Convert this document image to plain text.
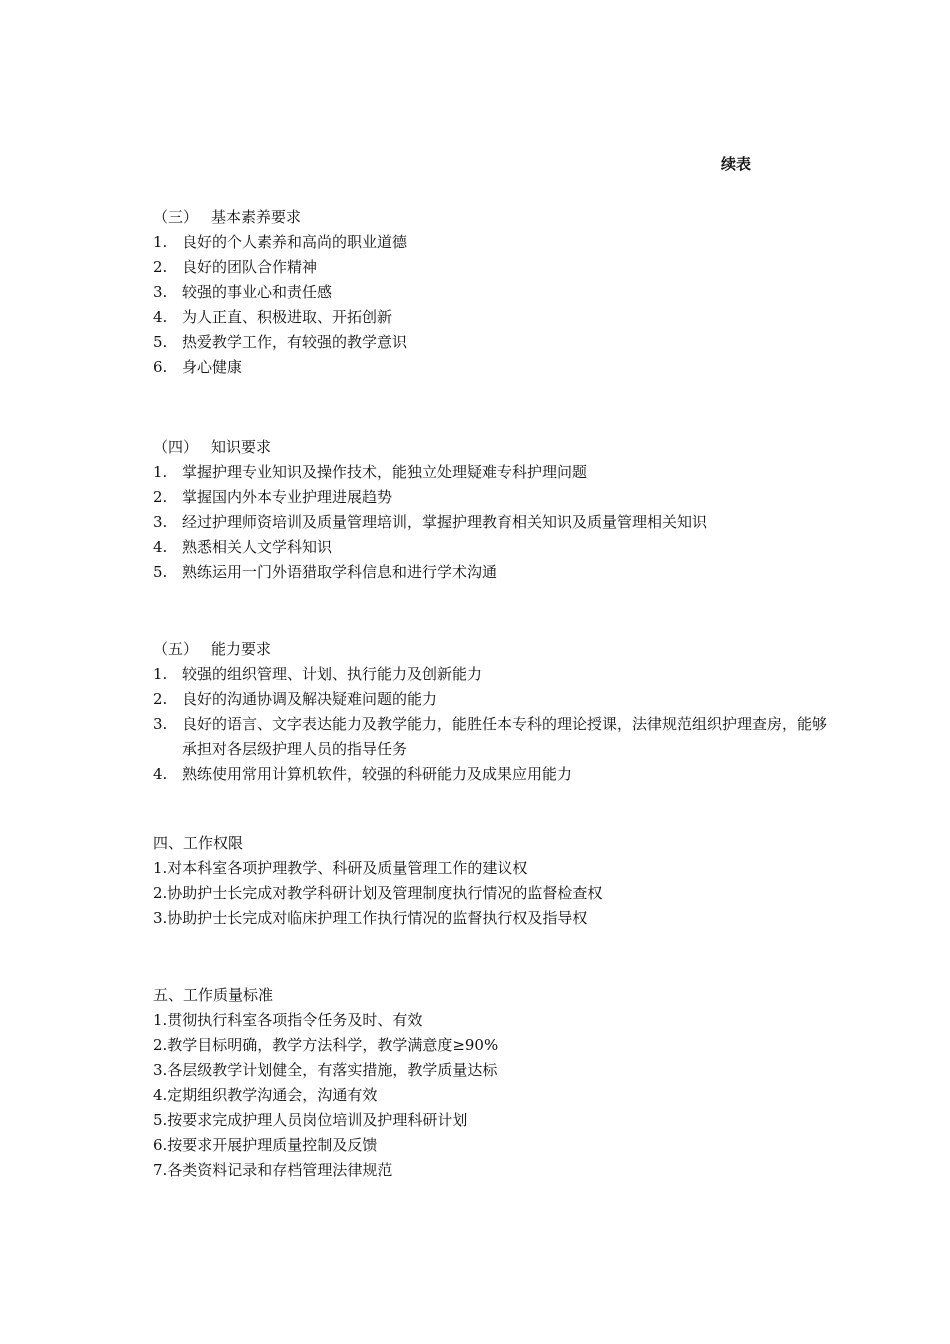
续表
（三） 基本素养要求
1. 良好的个人素养和高尚的职业道德
2. 良好的团队合作精神
3. 较强的事业心和责任感
4. 为人正直、积极进取、开拓创新
5. 热爱教学工作，有较强的教学意识
6. 身心健康
（四） 知识要求
1. 掌握护理专业知识及操作技术，能独立处理疑难专科护理问题
2. 掌握国内外本专业护理进展趋势
3. 经过护理师资培训及质量管理培训，掌握护理教育相关知识及质量管理相关知识
4. 熟悉相关人文学科知识
5. 熟练运用一门外语猎取学科信息和进行学术沟通
（五） 能力要求
1. 较强的组织管理、计划、执行能力及创新能力
2. 良好的沟通协调及解决疑难问题的能力
3. 良好的语言、文字表达能力及教学能力，能胜任本专科的理论授课，法律规范组织护理查房，能够承担对各层级护理人员的指导任务
4. 熟练使用常用计算机软件，较强的科研能力及成果应用能力
四、工作权限
1.对本科室各项护理教学、科研及质量管理工作的建议权
2.协助护士长完成对教学科研计划及管理制度执行情况的监督检查权
3.协助护士长完成对临床护理工作执行情况的监督执行权及指导权
五、工作质量标准
1.贯彻执行科室各项指令任务及时、有效
2.教学目标明确，教学方法科学，教学满意度≥90%
3.各层级教学计划健全，有落实措施，教学质量达标
4.定期组织教学沟通会，沟通有效
5.按要求完成护理人员岗位培训及护理科研计划
6.按要求开展护理质量控制及反馈
7.各类资料记录和存档管理法律规范
